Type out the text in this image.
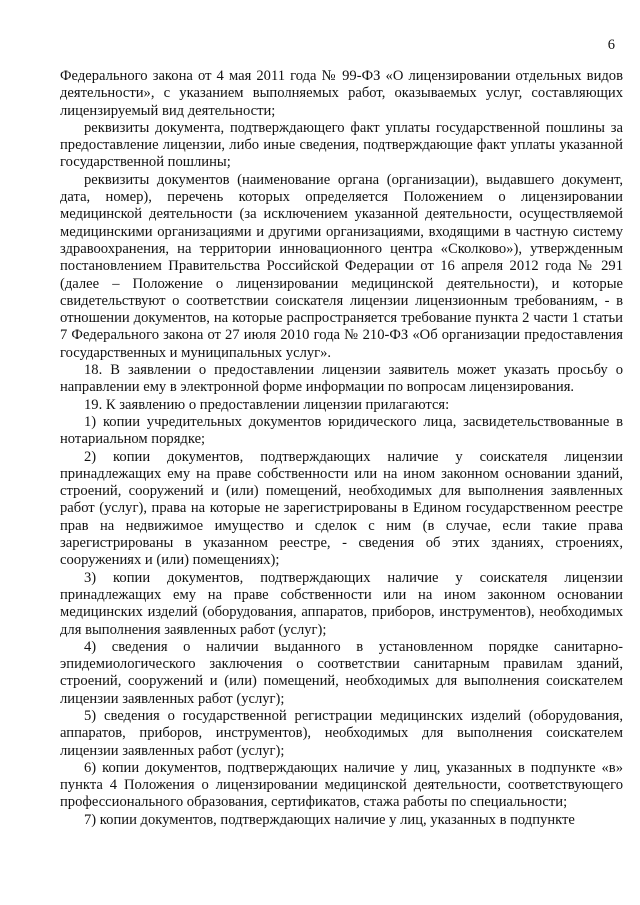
6

Федерального закона от 4 мая 2011 года № 99-ФЗ «О лицензировании отдельных видов деятельности», с указанием выполняемых работ, оказываемых услуг, составляющих лицензируемый вид деятельности;

реквизиты документа, подтверждающего факт уплаты государственной пошлины за предоставление лицензии, либо иные сведения, подтверждающие факт уплаты указанной государственной пошлины;

реквизиты документов (наименование органа (организации), выдавшего документ, дата, номер), перечень которых определяется Положением о лицензировании медицинской деятельности (за исключением указанной деятельности, осуществляемой медицинскими организациями и другими организациями, входящими в частную систему здравоохранения, на территории инновационного центра «Сколково»), утвержденным постановлением Правительства Российской Федерации от 16 апреля 2012 года № 291 (далее – Положение о лицензировании медицинской деятельности), и которые свидетельствуют о соответствии соискателя лицензии лицензионным требованиям, - в отношении документов, на которые распространяется требование пункта 2 части 1 статьи 7 Федерального закона от 27 июля 2010 года № 210-ФЗ «Об организации предоставления государственных и муниципальных услуг».

18. В заявлении о предоставлении лицензии заявитель может указать просьбу о направлении ему в электронной форме информации по вопросам лицензирования.

19. К заявлению о предоставлении лицензии прилагаются:

1) копии учредительных документов юридического лица, засвидетельствованные в нотариальном порядке;

2) копии документов, подтверждающих наличие у соискателя лицензии принадлежащих ему на праве собственности или на ином законном основании зданий, строений, сооружений и (или) помещений, необходимых для выполнения заявленных работ (услуг), права на которые не зарегистрированы в Едином государственном реестре прав на недвижимое имущество и сделок с ним (в случае, если такие права зарегистрированы в указанном реестре, - сведения об этих зданиях, строениях, сооружениях и (или) помещениях);

3) копии документов, подтверждающих наличие у соискателя лицензии принадлежащих ему на праве собственности или на ином законном основании медицинских изделий (оборудования, аппаратов, приборов, инструментов), необходимых для выполнения заявленных работ (услуг);

4) сведения о наличии выданного в установленном порядке санитарно-эпидемиологического заключения о соответствии санитарным правилам зданий, строений, сооружений и (или) помещений, необходимых для выполнения соискателем лицензии заявленных работ (услуг);

5) сведения о государственной регистрации медицинских изделий (оборудования, аппаратов, приборов, инструментов), необходимых для выполнения соискателем лицензии заявленных работ (услуг);

6) копии документов, подтверждающих наличие у лиц, указанных в подпункте «в» пункта 4 Положения о лицензировании медицинской деятельности, соответствующего профессионального образования, сертификатов, стажа работы по специальности;

7) копии документов, подтверждающих наличие у лиц, указанных в подпункте
